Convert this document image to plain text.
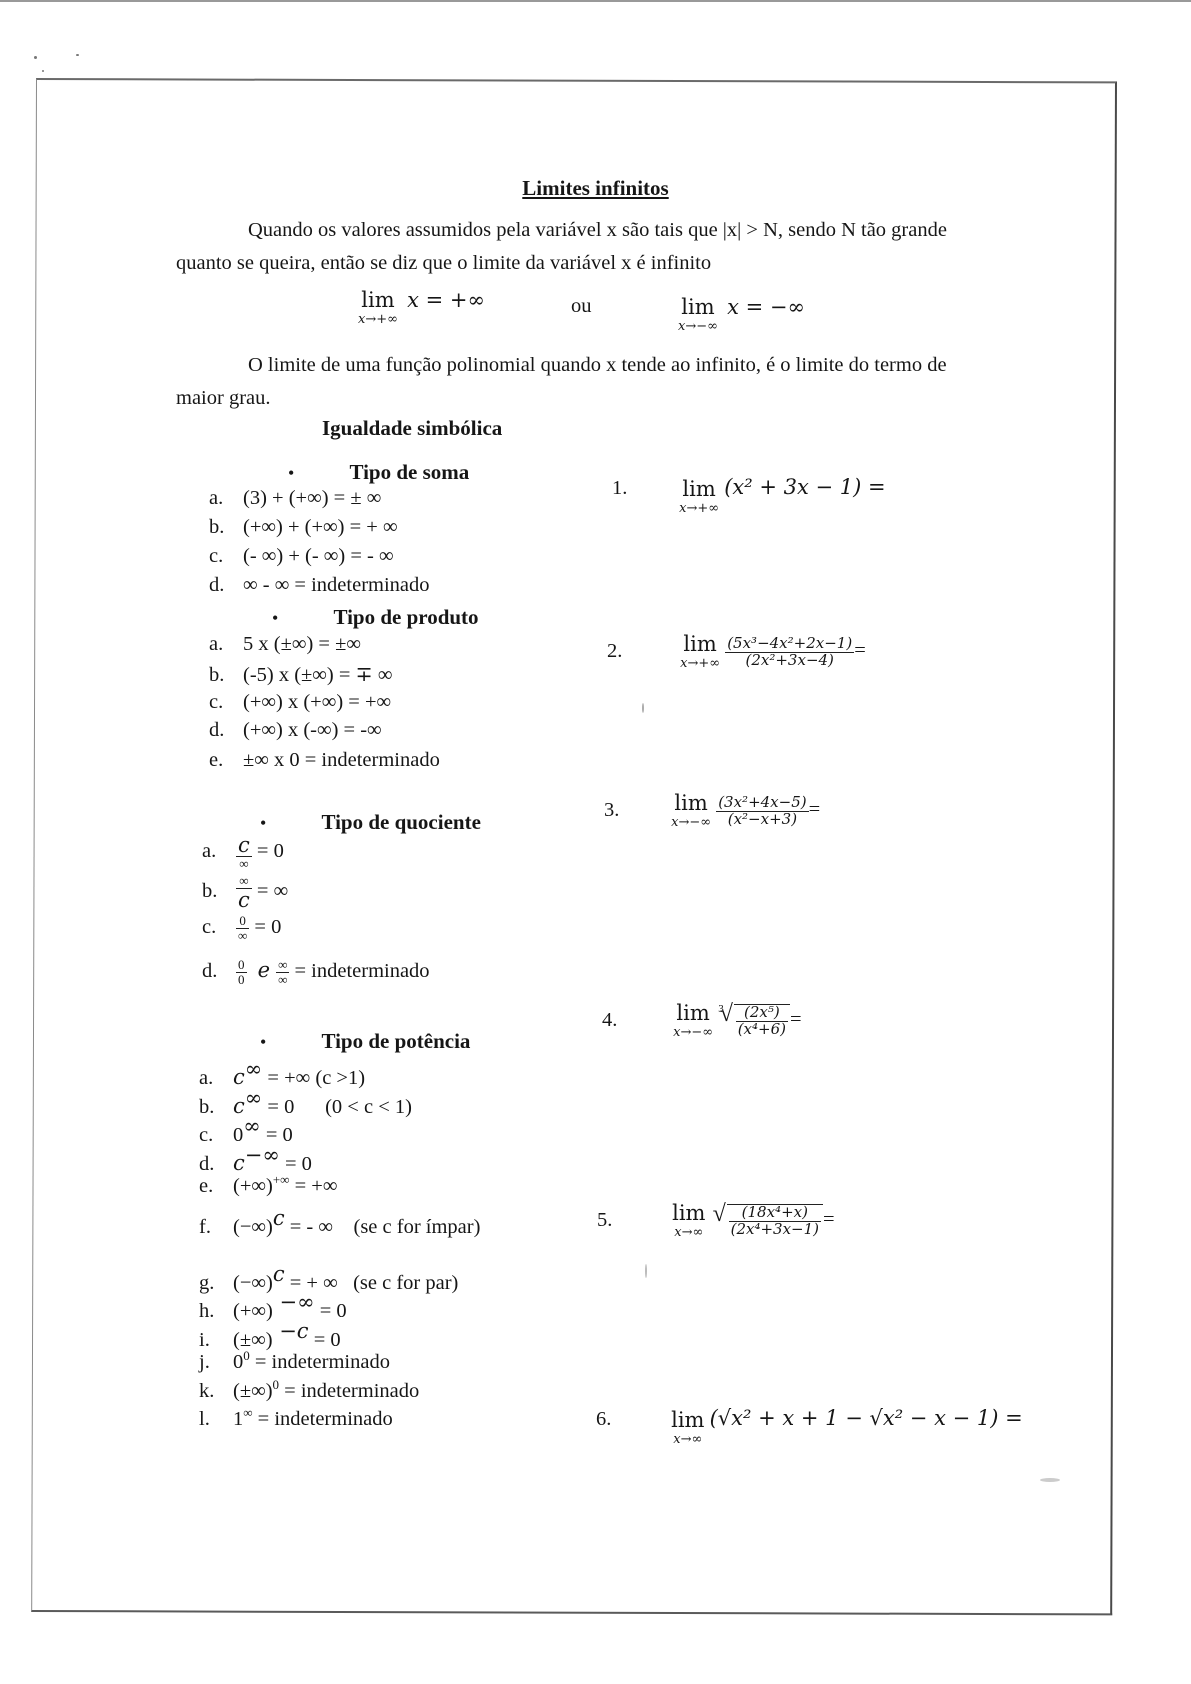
Limites infinitos
Quando os valores assumidos pela variável x são tais que |x| > N, sendo N tão grande quanto se queira, então se diz que o limite da variável x é infinito
lim
x→+∞
x = +∞	ou	lim
x→−∞
x = −∞
O limite de uma função polinomial quando x tende ao infinito, é o limite do termo de maior grau.
Igualdade simbólica
•	Tipo de soma
a. (3) + (+∞) = ± ∞
b. (+∞) + (+∞) = + ∞
c. (- ∞) + (- ∞) = - ∞
d. ∞ - ∞ = indeterminado
•	Tipo de produto
a. 5 x (±∞) = ±∞
b. (-5) x (±∞) = ∓ ∞
c. (+∞) x (+∞) = +∞
d. (+∞) x (-∞) = -∞
e. ±∞ x 0 = indeterminado
•	Tipo de quociente
a. $\frac{c}{\infty} = 0$
b. $\frac{\infty}{c}$ = ∞
c. $\frac{0}{\infty} = 0$
d. $\frac{0}{0}$ e $\frac{\infty}{\infty}$ = indeterminado
•	Tipo de potência
a. c∞ = +∞ (c >1)
b. c∞ = 0      (0 < c < 1)
c. 0∞ = 0
d. c−∞ = 0
e. (+∞)+∞ = +∞
f. (−∞)$^c$ = - ∞    (se c for ímpar)
g. (−∞)$^c$ = + ∞   (se c for par)
h. (+∞) −∞ = 0
i. (±∞) $^{-c}$ = 0
j. $0^0$ = indeterminado
k. (±∞)$^0$ = indeterminado
l. 1∞ = indeterminado
1.	lim
x→+∞
(x² + 3x − 1) =
2.	lim
x→+∞
$\frac{\text{(5x³−4x²+2x−1)}}{\text{(2x²+3x−4)}}$ =
3.	lim
x→−∞
$\frac{\text{(3x²+4x−5)}}{\text{(x²−x+3)}}$ =
4.	lim
x→−∞
$^3$ √ $\frac{\text{(2x⁵)}}{\text{(x⁴+6)}}$ =
5.	lim
x→∞
√ $\frac{\text{(18x⁴+x)}}{\text{(2x⁴+3x−1)}}$ =
6.	lim
x→∞
(√x² + x + 1 − √x² − x − 1) =
